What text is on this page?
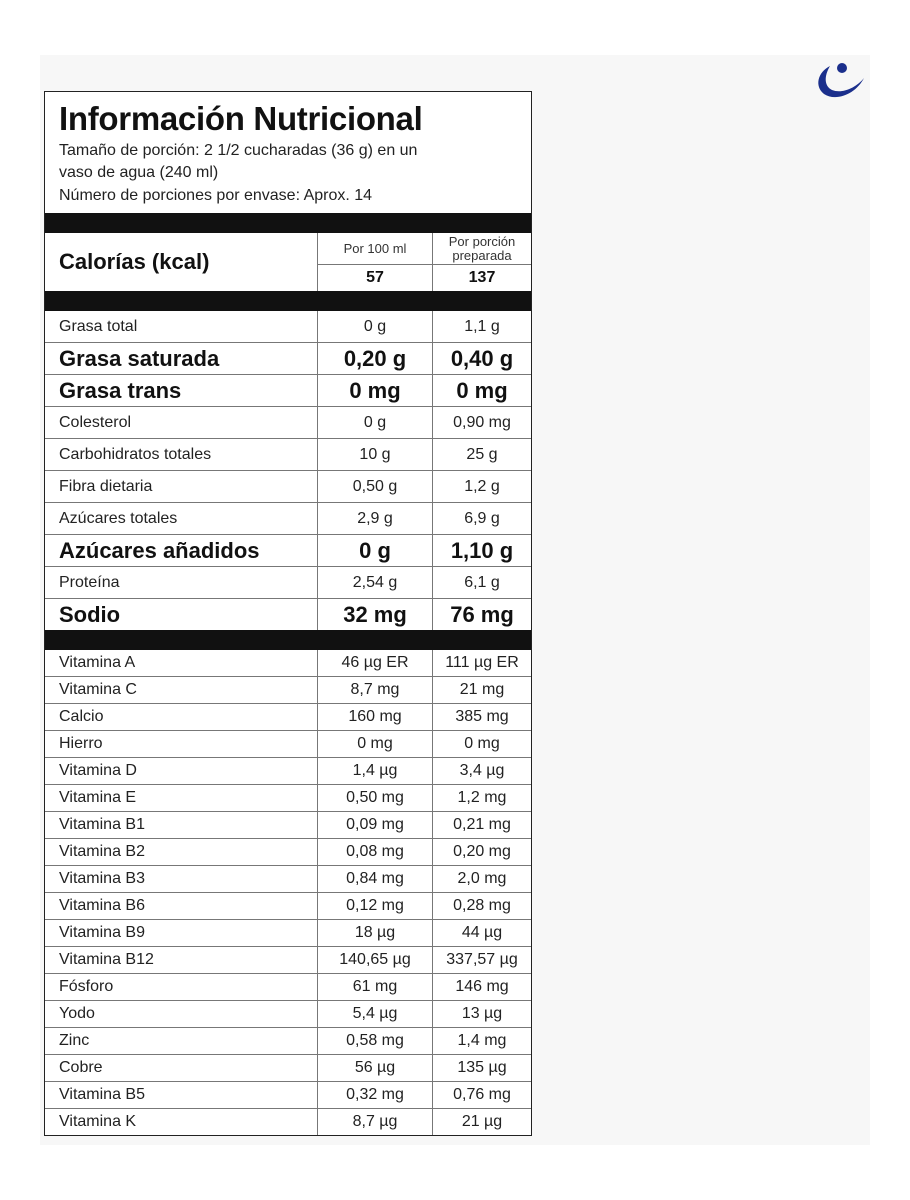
Información Nutricional
Tamaño de porción: 2 1/2 cucharadas (36 g) en un
vaso de agua (240 ml)
Número de porciones por envase: Aprox. 14
Calorías (kcal)	Por 100 ml	Por porción
preparada

	57	137
Grasa total	0 g	1,1 g
Grasa saturada	0,20 g	0,40 g
Grasa trans	0 mg	0 mg
Colesterol	0 g	0,90 mg
Carbohidratos totales	10 g	25 g
Fibra dietaria	0,50 g	1,2 g
Azúcares totales	2,9 g	6,9 g
Azúcares añadidos	0 g	1,10 g
Proteína	2,54 g	6,1 g
Sodio	32 mg	76 mg
Vitamina A	46 µg ER	111 µg ER
Vitamina C	8,7 mg	21 mg
Calcio	160 mg	385 mg
Hierro	0 mg	0 mg
Vitamina D	1,4 µg	3,4 µg
Vitamina E	0,50 mg	1,2 mg
Vitamina B1	0,09 mg	0,21 mg
Vitamina B2	0,08 mg	0,20 mg
Vitamina B3	0,84 mg	2,0 mg
Vitamina B6	0,12 mg	0,28 mg
Vitamina B9	18 µg	44 µg
Vitamina B12	140,65 µg	337,57 µg
Fósforo	61 mg	146 mg
Yodo	5,4 µg	13 µg
Zinc	0,58 mg	1,4 mg
Cobre	56 µg	135 µg
Vitamina B5	0,32 mg	0,76 mg
Vitamina K	8,7 µg	21 µg
